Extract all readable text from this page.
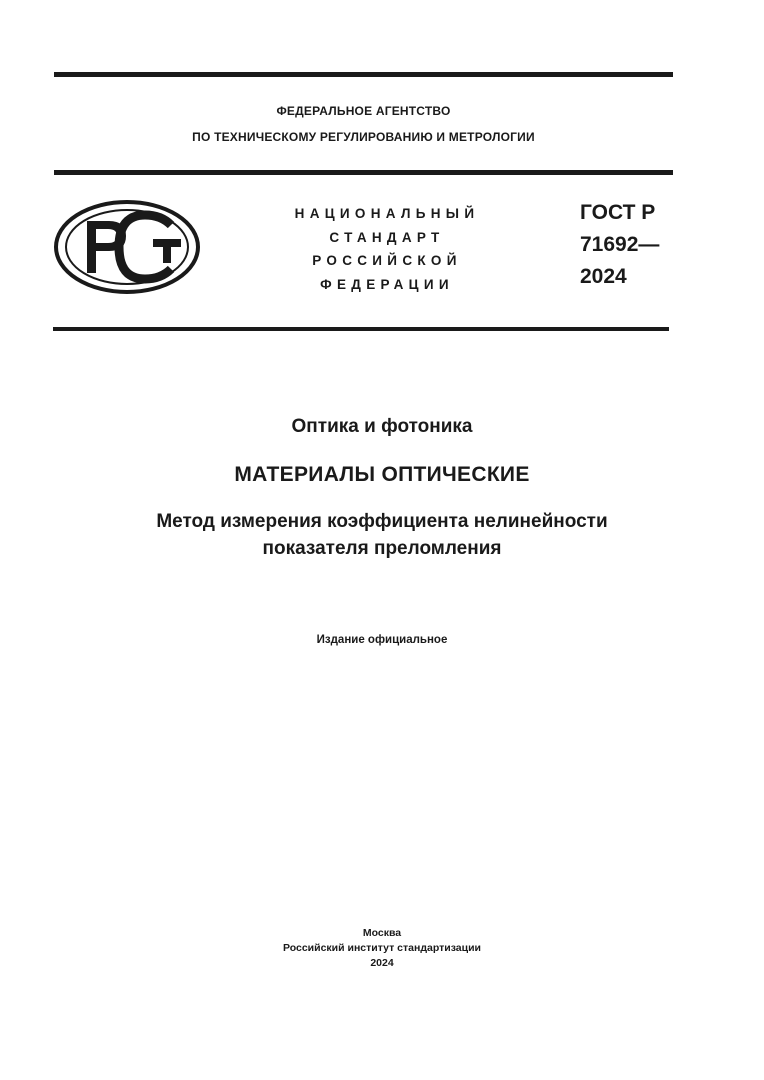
ФЕДЕРАЛЬНОЕ АГЕНТСТВО
ПО ТЕХНИЧЕСКОМУ РЕГУЛИРОВАНИЮ И МЕТРОЛОГИИ
НАЦИОНАЛЬНЫЙ
СТАНДАРТ
РОССИЙСКОЙ
ФЕДЕРАЦИИ
ГОСТ Р
71692—
2024
Оптика и фотоника
МАТЕРИАЛЫ ОПТИЧЕСКИЕ
Метод измерения коэффициента нелинейности
показателя преломления
Издание официальное
Москва
Российский институт стандартизации
2024
